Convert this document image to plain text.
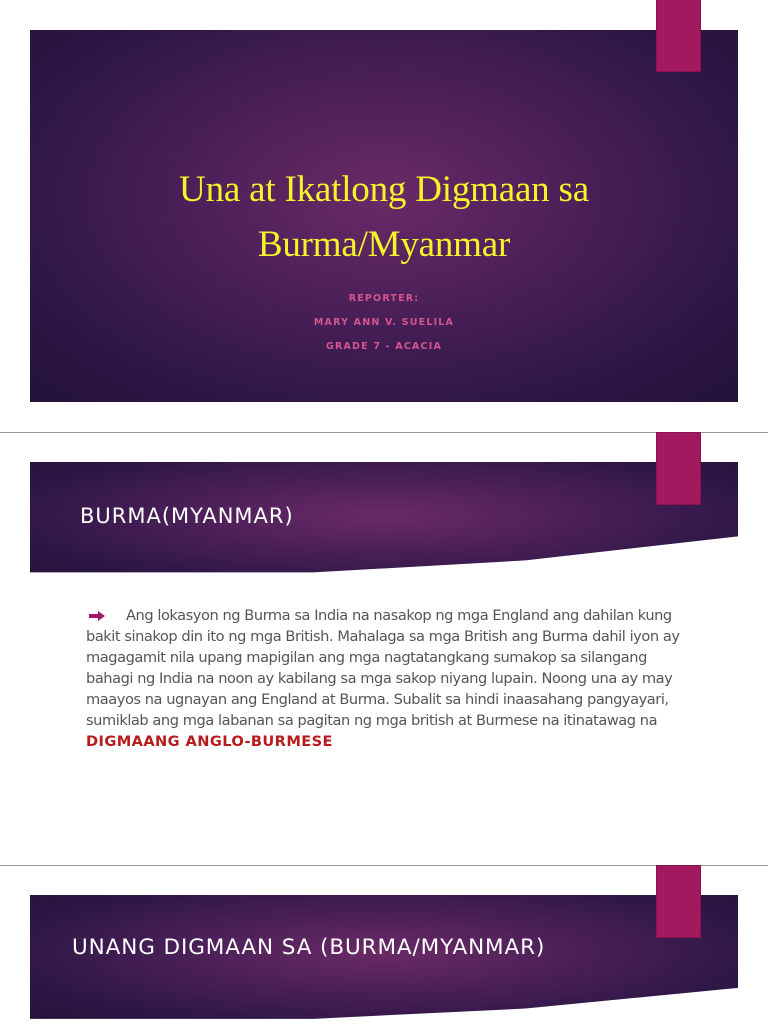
Una at Ikatlong Digmaan sa
Burma/Myanmar
REPORTER:
MARY ANN V. SUELILA
GRADE 7 - ACACIA
BURMA(MYANMAR)
Ang lokasyon ng Burma sa India na nasakop ng mga England ang dahilan kung bakit sinakop din ito ng mga British. Mahalaga sa mga British ang Burma dahil iyon ay magagamit nila upang mapigilan ang mga nagtatangkang sumakop sa silangang bahagi ng India na noon ay kabilang sa mga sakop niyang lupain. Noong una ay may maayos na ugnayan ang England at Burma. Subalit sa hindi inaasahang pangyayari, sumiklab ang mga labanan sa pagitan ng mga british at Burmese na itinatawag na DIGMAANG ANGLO-BURMESE
UNANG DIGMAAN SA (BURMA/MYANMAR)
